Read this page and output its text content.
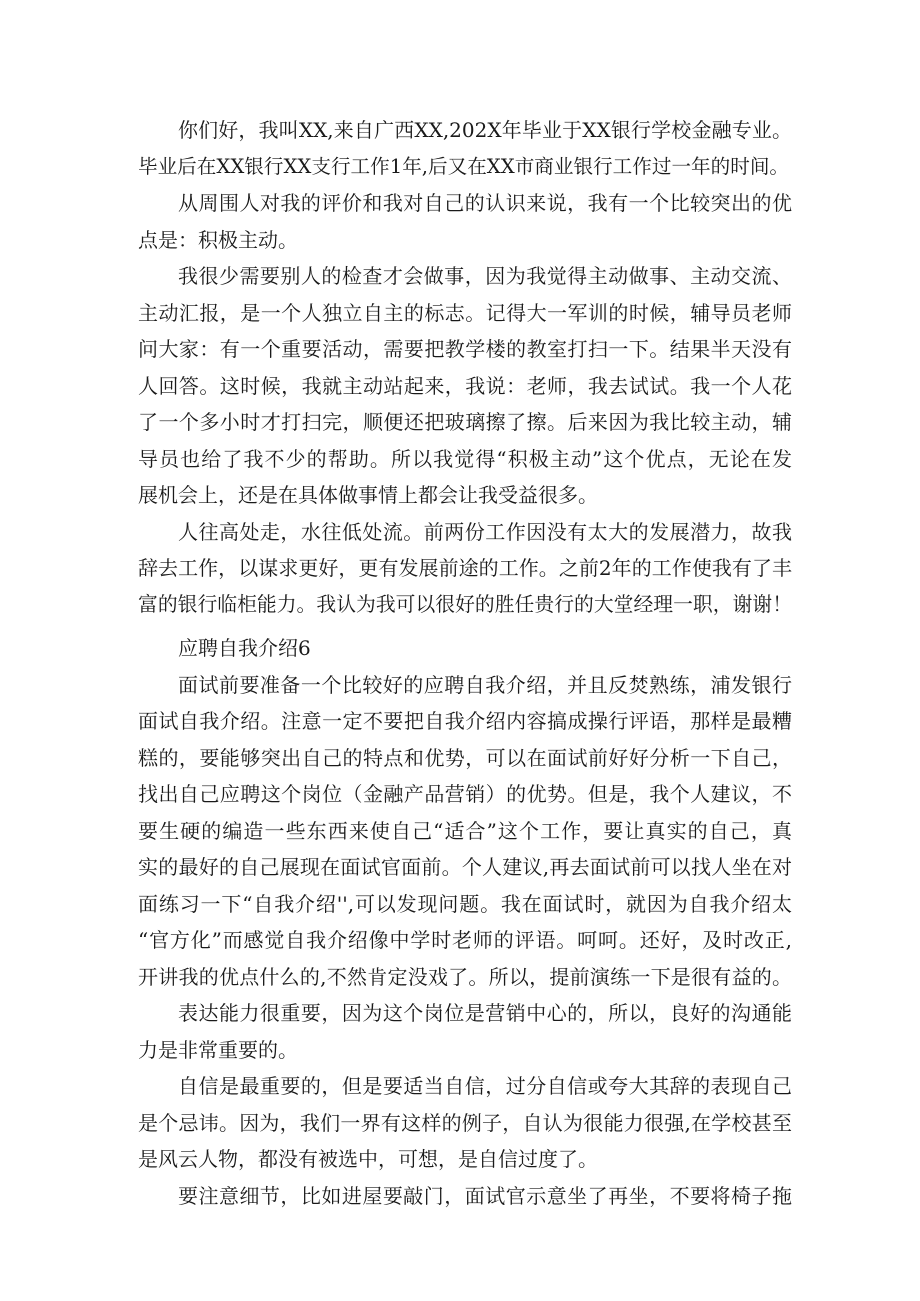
你们好，我叫XX,来自广西XX,202X年毕业于XX银行学校金融专业。
毕业后在XX银行XX支行工作1年,后又在XX市商业银行工作过一年的时间。
从周围人对我的评价和我对自己的认识来说，我有一个比较突出的优
点是：积极主动。
我很少需要别人的检查才会做事，因为我觉得主动做事、主动交流、
主动汇报，是一个人独立自主的标志。记得大一军训的时候，辅导员老师
问大家：有一个重要活动，需要把教学楼的教室打扫一下。结果半天没有
人回答。这时候，我就主动站起来，我说：老师，我去试试。我一个人花
了一个多小时才打扫完，顺便还把玻璃擦了擦。后来因为我比较主动，辅
导员也给了我不少的帮助。所以我觉得“积极主动”这个优点，无论在发
展机会上，还是在具体做事情上都会让我受益很多。
人往高处走，水往低处流。前两份工作因没有太大的发展潜力，故我
辞去工作，以谋求更好，更有发展前途的工作。之前2年的工作使我有了丰
富的银行临柜能力。我认为我可以很好的胜任贵行的大堂经理一职，谢谢！
应聘自我介绍6
面试前要准备一个比较好的应聘自我介绍，并且反焚熟练，浦发银行
面试自我介绍。注意一定不要把自我介绍内容搞成操行评语，那样是最糟
糕的，要能够突出自己的特点和优势，可以在面试前好好分析一下自己，
找出自己应聘这个岗位（金融产品营销）的优势。但是，我个人建议，不
要生硬的编造一些东西来使自己“适合”这个工作，要让真实的自己，真
实的最好的自己展现在面试官面前。个人建议,再去面试前可以找人坐在对
面练习一下“自我介绍'',可以发现问题。我在面试时，就因为自我介绍太
“官方化”而感觉自我介绍像中学时老师的评语。呵呵。还好，及时改正,
开讲我的优点什么的,不然肯定没戏了。所以，提前演练一下是很有益的。
表达能力很重要，因为这个岗位是营销中心的，所以，良好的沟通能
力是非常重要的。
自信是最重要的，但是要适当自信，过分自信或夸大其辞的表现自己
是个忌讳。因为，我们一界有这样的例子，自认为很能力很强,在学校甚至
是风云人物，都没有被选中，可想，是自信过度了。
要注意细节，比如进屋要敲门，面试官示意坐了再坐，不要将椅子拖
